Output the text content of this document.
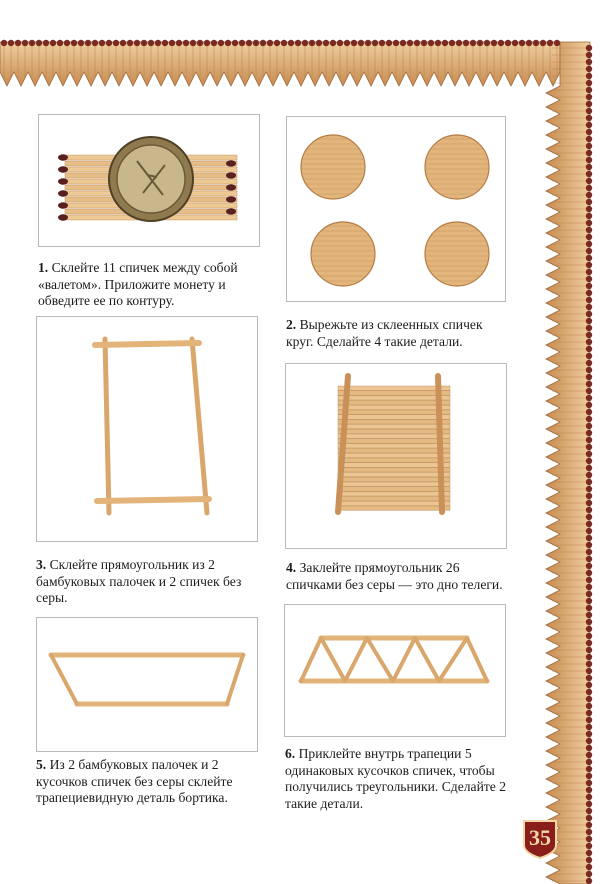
1. Склейте 11 спичек между собой «валетом». Приложите монету и обведите ее по контуру.

2. Вырежьте из склеенных спичек круг. Сделайте 4 такие детали.

3. Склейте прямоугольник из 2 бамбуковых палочек и 2 спичек без серы.

4. Заклейте прямоугольник 26 спичками без серы — это дно телеги.

5. Из 2 бамбуковых палочек и 2 кусочков спичек без серы склейте трапециевидную деталь бортика.

6. Приклейте внутрь трапеции 5 одинаковых кусочков спичек, чтобы получились треугольники. Сделайте 2 такие детали.

35
